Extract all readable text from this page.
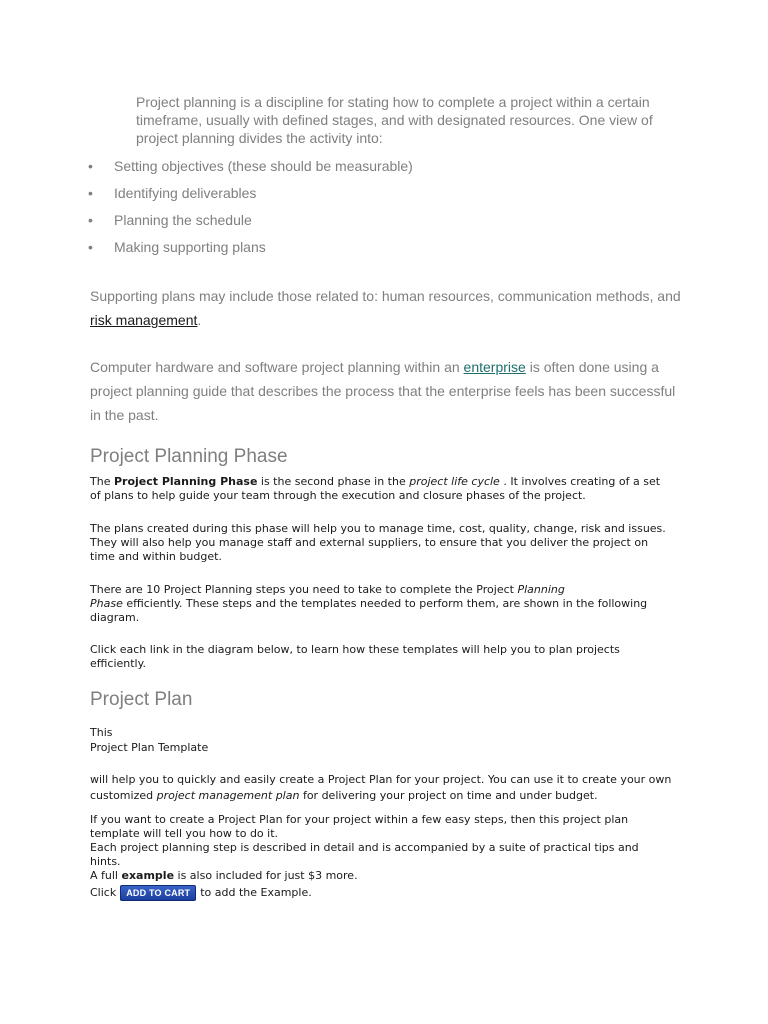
Project planning is a discipline for stating how to complete a project within a certain timeframe, usually with defined stages, and with designated resources. One view of project planning divides the activity into:

• Setting objectives (these should be measurable)
• Identifying deliverables
• Planning the schedule
• Making supporting plans

Supporting plans may include those related to: human resources, communication methods, and risk management.

Computer hardware and software project planning within an enterprise is often done using a project planning guide that describes the process that the enterprise feels has been successful in the past.

Project Planning Phase

The Project Planning Phase is the second phase in the project life cycle . It involves creating of a set of plans to help guide your team through the execution and closure phases of the project.

The plans created during this phase will help you to manage time, cost, quality, change, risk and issues. They will also help you manage staff and external suppliers, to ensure that you deliver the project on time and within budget.

There are 10 Project Planning steps you need to take to complete the Project Planning
Phase efficiently. These steps and the templates needed to perform them, are shown in the following diagram.

Click each link in the diagram below, to learn how these templates will help you to plan projects efficiently.

Project Plan

This

Project Plan Template

will help you to quickly and easily create a Project Plan for your project. You can use it to create your own customized project management plan for delivering your project on time and under budget.

If you want to create a Project Plan for your project within a few easy steps, then this project plan template will tell you how to do it.
Each project planning step is described in detail and is accompanied by a suite of practical tips and hints.

A full example is also included for just $3 more.

Click	ADD TO CART to add the Example.
